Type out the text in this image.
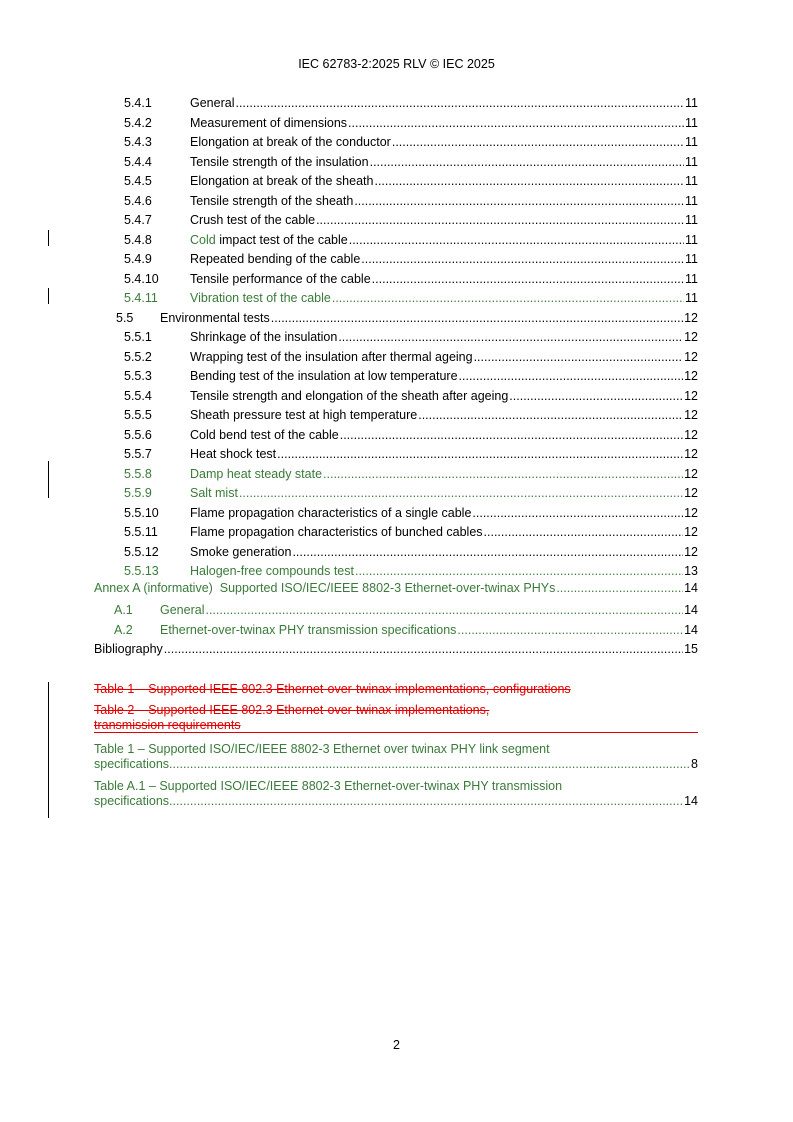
IEC 62783-2:2025 RLV © IEC 2025
5.4.1	General .....	11
5.4.2	Measurement of dimensions .....	11
5.4.3	Elongation at break of the conductor .....	11
5.4.4	Tensile strength of the insulation .....	11
5.4.5	Elongation at break of the sheath .....	11
5.4.6	Tensile strength of the sheath .....	11
5.4.7	Crush test of the cable .....	11
5.4.8	Cold impact test of the cable .....	11
5.4.9	Repeated bending of the cable .....	11
5.4.10 Tensile performance of the cable .....	11
5.4.11	Vibration test of the cable .....	11
5.5 Environmental tests .....	12
5.5.1	Shrinkage of the insulation .....	12
5.5.2	Wrapping test of the insulation after thermal ageing .....	12
5.5.3	Bending test of the insulation at low temperature .....	12
5.5.4	Tensile strength and elongation of the sheath after ageing .....	12
5.5.5	Sheath pressure test at high temperature .....	12
5.5.6	Cold bend test of the cable .....	12
5.5.7	Heat shock test .....	12
5.5.8	Damp heat steady state .....	12
5.5.9	Salt mist .....	12
5.5.10 Flame propagation characteristics of a single cable .....	12
5.5.11	Flame propagation characteristics of bunched cables .....	12
5.5.12 Smoke generation .....	12
5.5.13 Halogen-free compounds test .....	13
Annex A (informative)  Supported ISO/IEC/IEEE 8802-3 Ethernet-over-twinax PHYs .....	14
A.1 General .....	14
A.2 Ethernet-over-twinax PHY transmission specifications .....	14
Bibliography .....	15
Table 1 – Supported IEEE 802.3 Ethernet-over-twinax implementations, configurations
Table 2 – Supported IEEE 802.3 Ethernet-over-twinax implementations,
transmission requirements
Table 1 – Supported ISO/IEC/IEEE 8802-3 Ethernet over twinax PHY link segment
specifications .....	8
Table A.1 – Supported ISO/IEC/IEEE 8802-3 Ethernet-over-twinax PHY transmission
specifications .....	14
2
